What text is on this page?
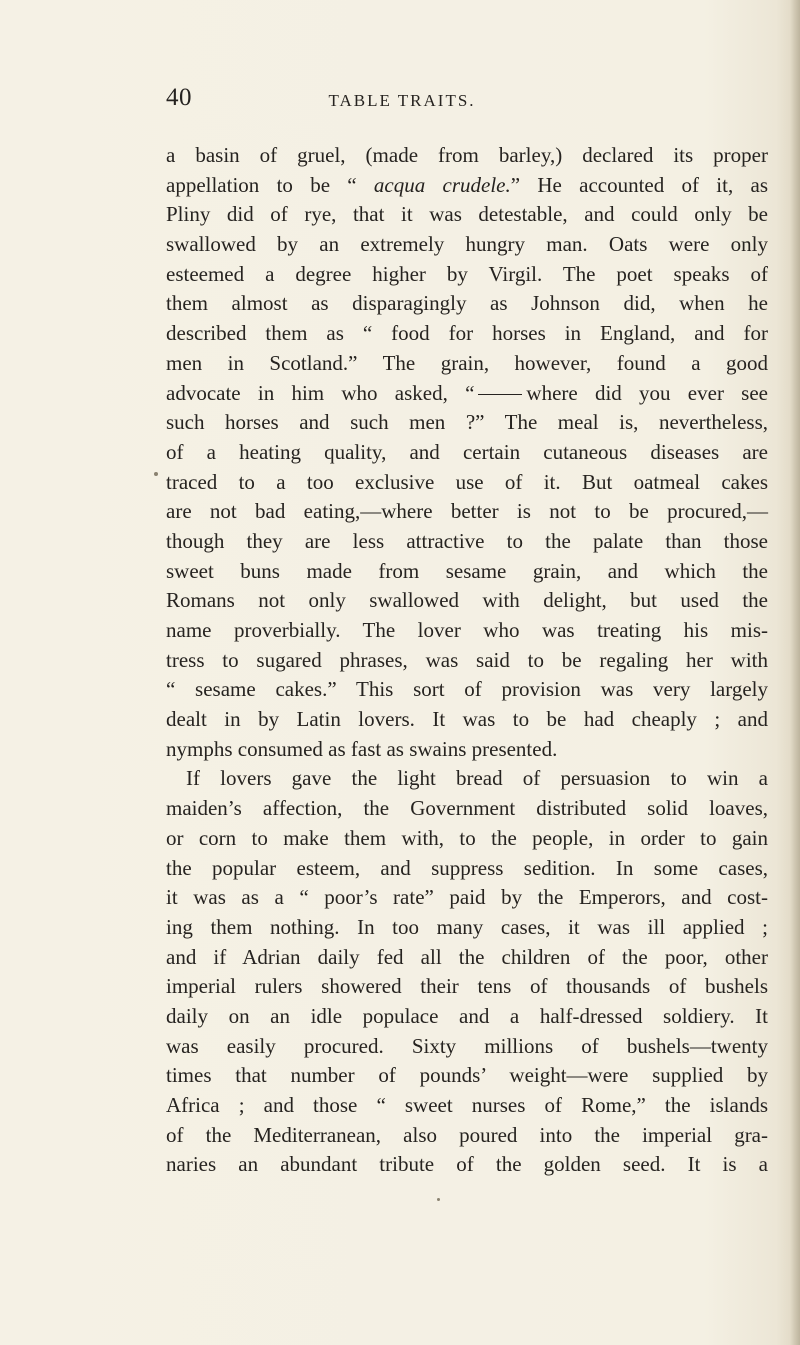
40	TABLE TRAITS.
a basin of gruel, (made from barley,) declared its proper
appellation to be “ acqua crudele.” He accounted of it, as
Pliny did of rye, that it was detestable, and could only be
swallowed by an extremely hungry man. Oats were only
esteemed a degree higher by Virgil. The poet speaks of
them almost as disparagingly as Johnson did, when he
described them as “ food for horses in England, and for
men in Scotland.” The grain, however, found a good
advocate in him who asked, “ where did you ever see
such horses and such men ?” The meal is, nevertheless,
of a heating quality, and certain cutaneous diseases are
traced to a too exclusive use of it. But oatmeal cakes
are not bad eating,—where better is not to be procured,—
though they are less attractive to the palate than those
sweet buns made from sesame grain, and which the
Romans not only swallowed with delight, but used the
name proverbially. The lover who was treating his mis-
tress to sugared phrases, was said to be regaling her with
“ sesame cakes.” This sort of provision was very largely
dealt in by Latin lovers. It was to be had cheaply ; and
nymphs consumed as fast as swains presented.
If lovers gave the light bread of persuasion to win a
maiden’s affection, the Government distributed solid loaves,
or corn to make them with, to the people, in order to gain
the popular esteem, and suppress sedition. In some cases,
it was as a “ poor’s rate” paid by the Emperors, and cost-
ing them nothing. In too many cases, it was ill applied ;
and if Adrian daily fed all the children of the poor, other
imperial rulers showered their tens of thousands of bushels
daily on an idle populace and a half-dressed soldiery. It
was easily procured. Sixty millions of bushels—twenty
times that number of pounds’ weight—were supplied by
Africa ; and those “ sweet nurses of Rome,” the islands
of the Mediterranean, also poured into the imperial gra-
naries an abundant tribute of the golden seed. It is a
